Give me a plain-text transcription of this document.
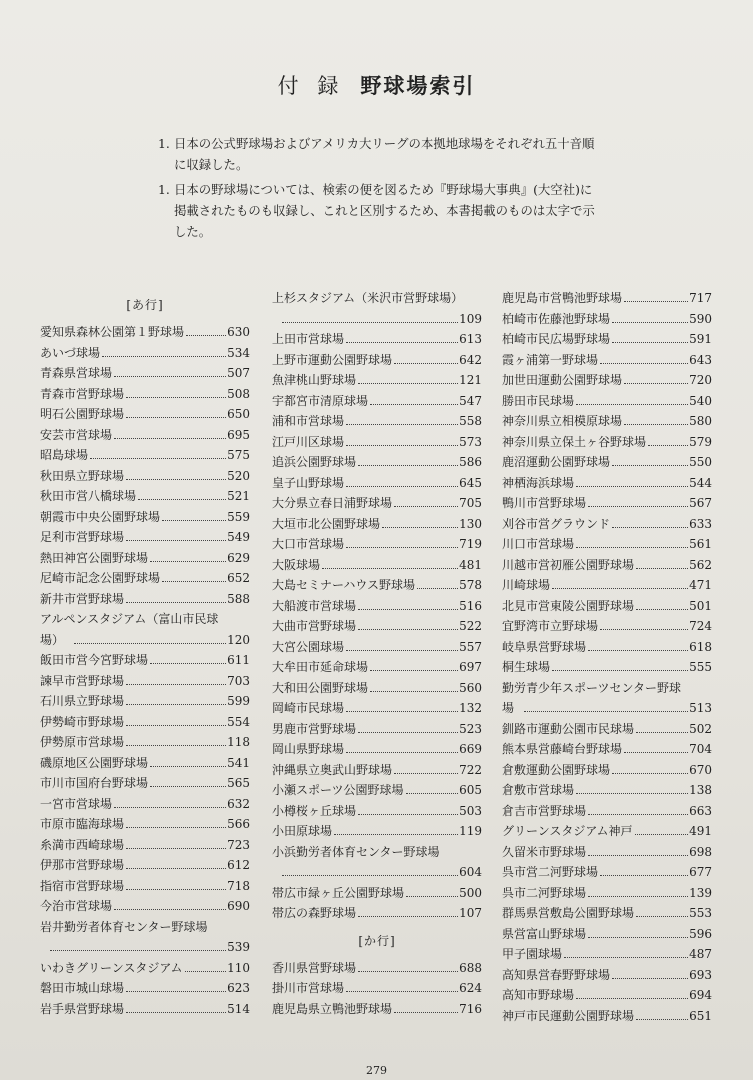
付 録 野球場索引
1. 日本の公式野球場およびアメリカ大リーグの本拠地球場をそれぞれ五十音順に収録した。
1. 日本の野球場については、検索の便を図るため『野球場大事典』(大空社)に掲載されたものも収録し、これと区別するため、本書掲載のものは太字で示した。
[あ行]
愛知県森林公園第１野球場	630
あいづ球場	534
青森県営球場	507
青森市営野球場	508
明石公園野球場	650
安芸市営球場	695
昭島球場	575
秋田県立野球場	520
秋田市営八橋球場	521
朝霞市中央公園野球場	559
足利市営野球場	549
熱田神宮公園野球場	629
尼崎市記念公園野球場	652
新井市営野球場	588
アルペンスタジアム（富山市民球
場）	120
飯田市営今宮野球場	611
諫早市営野球場	703
石川県立野球場	599
伊勢崎市野球場	554
伊勢原市営球場	118
磯原地区公園野球場	541
市川市国府台野球場	565
一宮市営球場	632
市原市臨海球場	566
糸満市西崎球場	723
伊那市営野球場	612
指宿市営野球場	718
今治市営球場	690
岩井勤労者体育センター野球場
539
いわきグリーンスタジアム	110
磐田市城山球場	623
岩手県営野球場	514
上杉スタジアム（米沢市営野球場）
109
上田市営球場	613
上野市運動公園野球場	642
魚津桃山野球場	121
宇都宮市清原球場	547
浦和市営球場	558
江戸川区球場	573
追浜公園野球場	586
皇子山野球場	645
大分県立春日浦野球場	705
大垣市北公園野球場	130
大口市営球場	719
大阪球場	481
大島セミナーハウス野球場	578
大船渡市営球場	516
大曲市営野球場	522
大宮公園球場	557
大牟田市延命球場	697
大和田公園野球場	560
岡崎市民球場	132
男鹿市営野球場	523
岡山県野球場	669
沖縄県立奥武山野球場	722
小瀬スポーツ公園野球場	605
小樽桜ヶ丘球場	503
小田原球場	119
小浜勤労者体育センター野球場
604
帯広市緑ヶ丘公園野球場	500
帯広の森野球場	107
[か行]
香川県営野球場	688
掛川市営球場	624
鹿児島県立鴨池野球場	716
鹿児島市営鴨池野球場	717
柏崎市佐藤池野球場	590
柏崎市民広場野球場	591
霞ヶ浦第一野球場	643
加世田運動公園野球場	720
勝田市民球場	540
神奈川県立相模原球場	580
神奈川県立保土ヶ谷野球場	579
鹿沼運動公園野球場	550
神栖海浜球場	544
鴨川市営野球場	567
刈谷市営グラウンド	633
川口市営球場	561
川越市営初雁公園野球場	562
川崎球場	471
北見市営東陵公園野球場	501
宜野湾市立野球場	724
岐阜県営野球場	618
桐生球場	555
勤労青少年スポーツセンター野球
場	513
釧路市運動公園市民球場	502
熊本県営藤崎台野球場	704
倉敷運動公園野球場	670
倉敷市営球場	138
倉吉市営野球場	663
グリーンスタジアム神戸	491
久留米市野球場	698
呉市営二河野球場	677
呉市二河野球場	139
群馬県営敷島公園野球場	553
県営富山野球場	596
甲子園球場	487
高知県営春野野球場	693
高知市野球場	694
神戸市民運動公園野球場	651
279
